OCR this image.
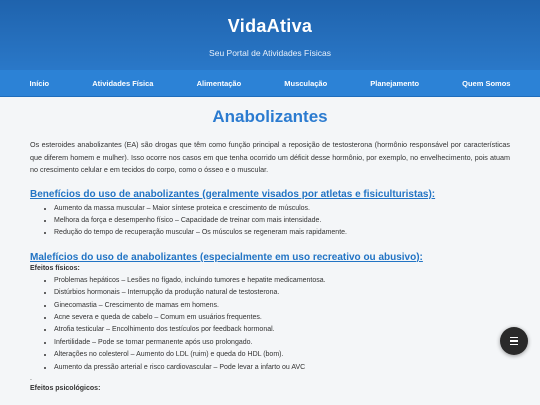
VidaAtiva
Seu Portal de Atividades Físicas
Início	Atividades Física	Alimentação	Musculação	Planejamento	Quem Somos
Anabolizantes

Os esteroides anabolizantes (EA) são drogas que têm como função principal a reposição de testosterona (hormônio responsável por características que diferem homem e mulher). Isso ocorre nos casos em que tenha ocorrido um déficit desse hormônio, por exemplo, no envelhecimento, pois atuam no crescimento celular e em tecidos do corpo, como o ósseo e o muscular.

Benefícios do uso de anabolizantes (geralmente visados por atletas e fisiculturistas):
• Aumento da massa muscular – Maior síntese proteica e crescimento de músculos.
• Melhora da força e desempenho físico – Capacidade de treinar com mais intensidade.
• Redução do tempo de recuperação muscular – Os músculos se regeneram mais rapidamente.
Malefícios do uso de anabolizantes (especialmente em uso recreativo ou abusivo):
Efeitos físicos:
• Problemas hepáticos – Lesões no fígado, incluindo tumores e hepatite medicamentosa.
• Distúrbios hormonais – Interrupção da produção natural de testosterona.
• Ginecomastia – Crescimento de mamas em homens.
• Acne severa e queda de cabelo – Comum em usuários frequentes.
• Atrofia testicular – Encolhimento dos testículos por feedback hormonal.
• Infertilidade – Pode se tornar permanente após uso prolongado.
• Alterações no colesterol – Aumento do LDL (ruim) e queda do HDL (bom).
• Aumento da pressão arterial e risco cardiovascular – Pode levar a infarto ou AVC
.
Efeitos psicológicos:
